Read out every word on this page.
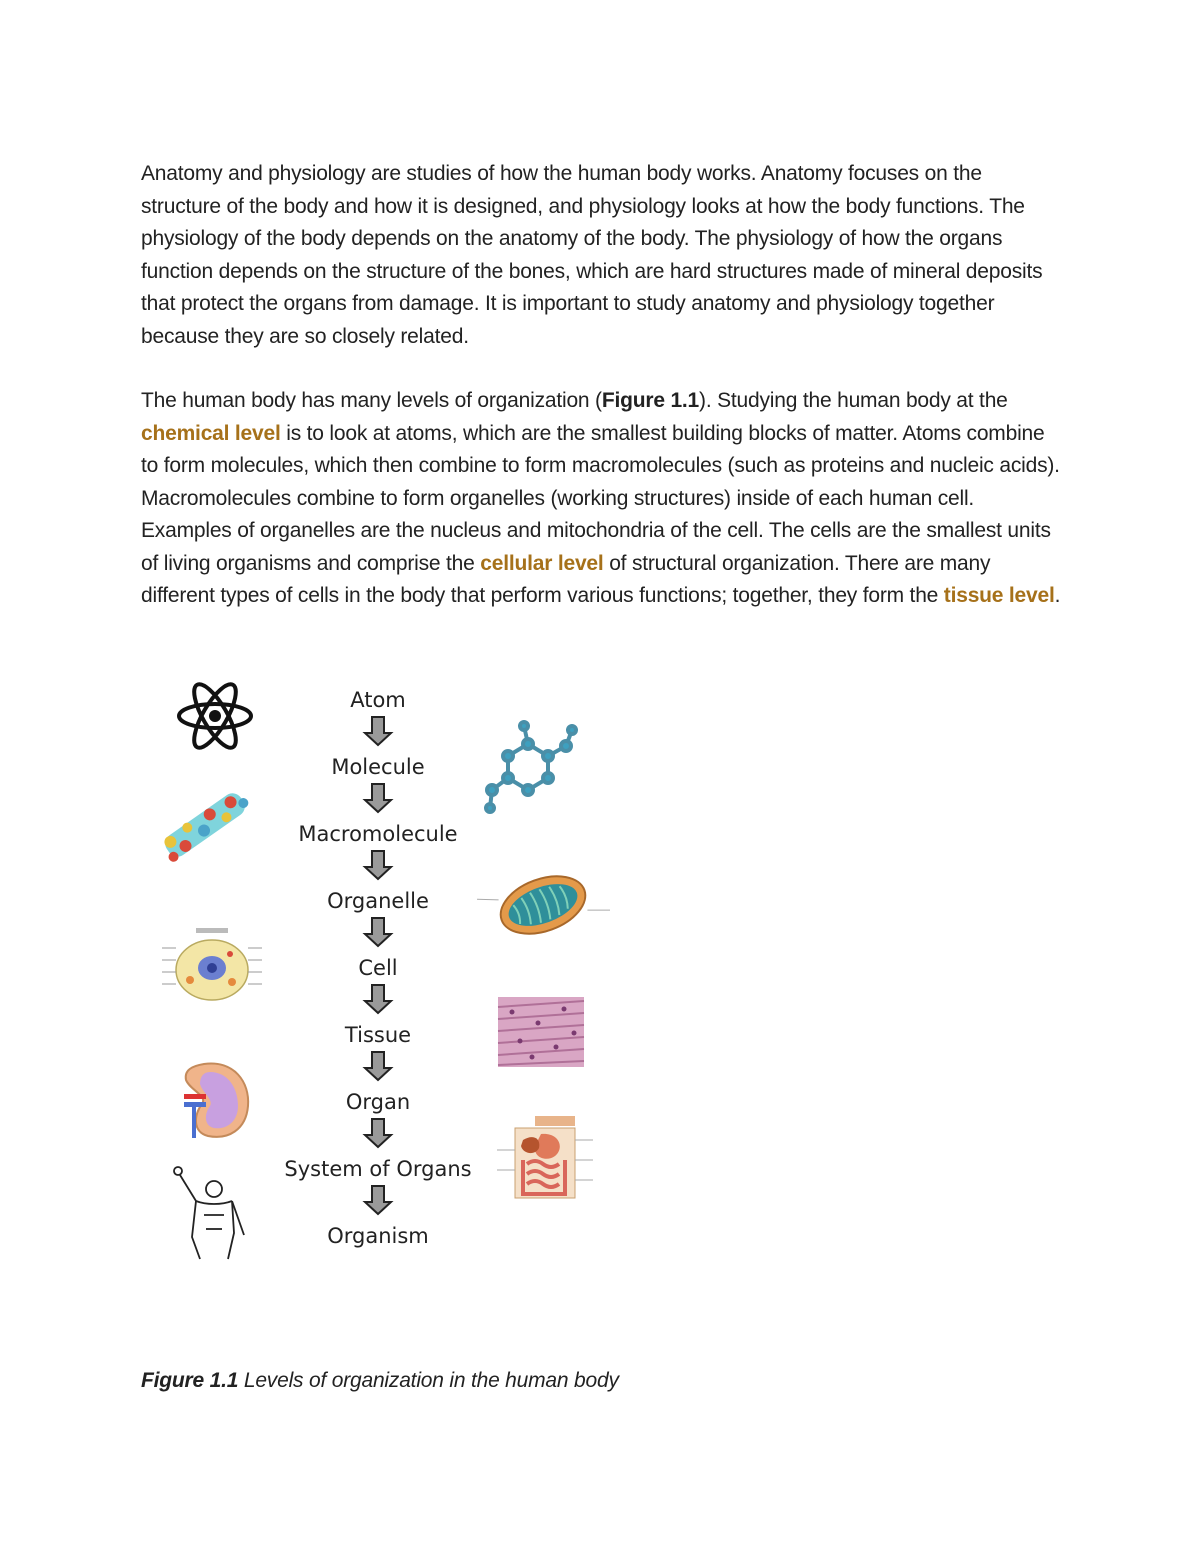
Anatomy and physiology are studies of how the human body works. Anatomy focuses on the structure of the body and how it is designed, and physiology looks at how the body functions. The physiology of the body depends on the anatomy of the body. The physiology of how the organs function depends on the structure of the bones, which are hard structures made of mineral deposits that protect the organs from damage. It is important to study anatomy and physiology together because they are so closely related.

The human body has many levels of organization (Figure 1.1). Studying the human body at the chemical level is to look at atoms, which are the smallest building blocks of matter. Atoms combine to form molecules, which then combine to form macromolecules (such as proteins and nucleic acids). Macromolecules combine to form organelles (working structures) inside of each human cell. Examples of organelles are the nucleus and mitochondria of the cell. The cells are the smallest units of living organisms and comprise the cellular level of structural organization. There are many different types of cells in the body that perform various functions; together, they form the tissue level.

Atom
Molecule
Macromolecule
Organelle
Cell
Tissue
Organ
System of Organs
Organism
Figure 1.1 Levels of organization in the human body
